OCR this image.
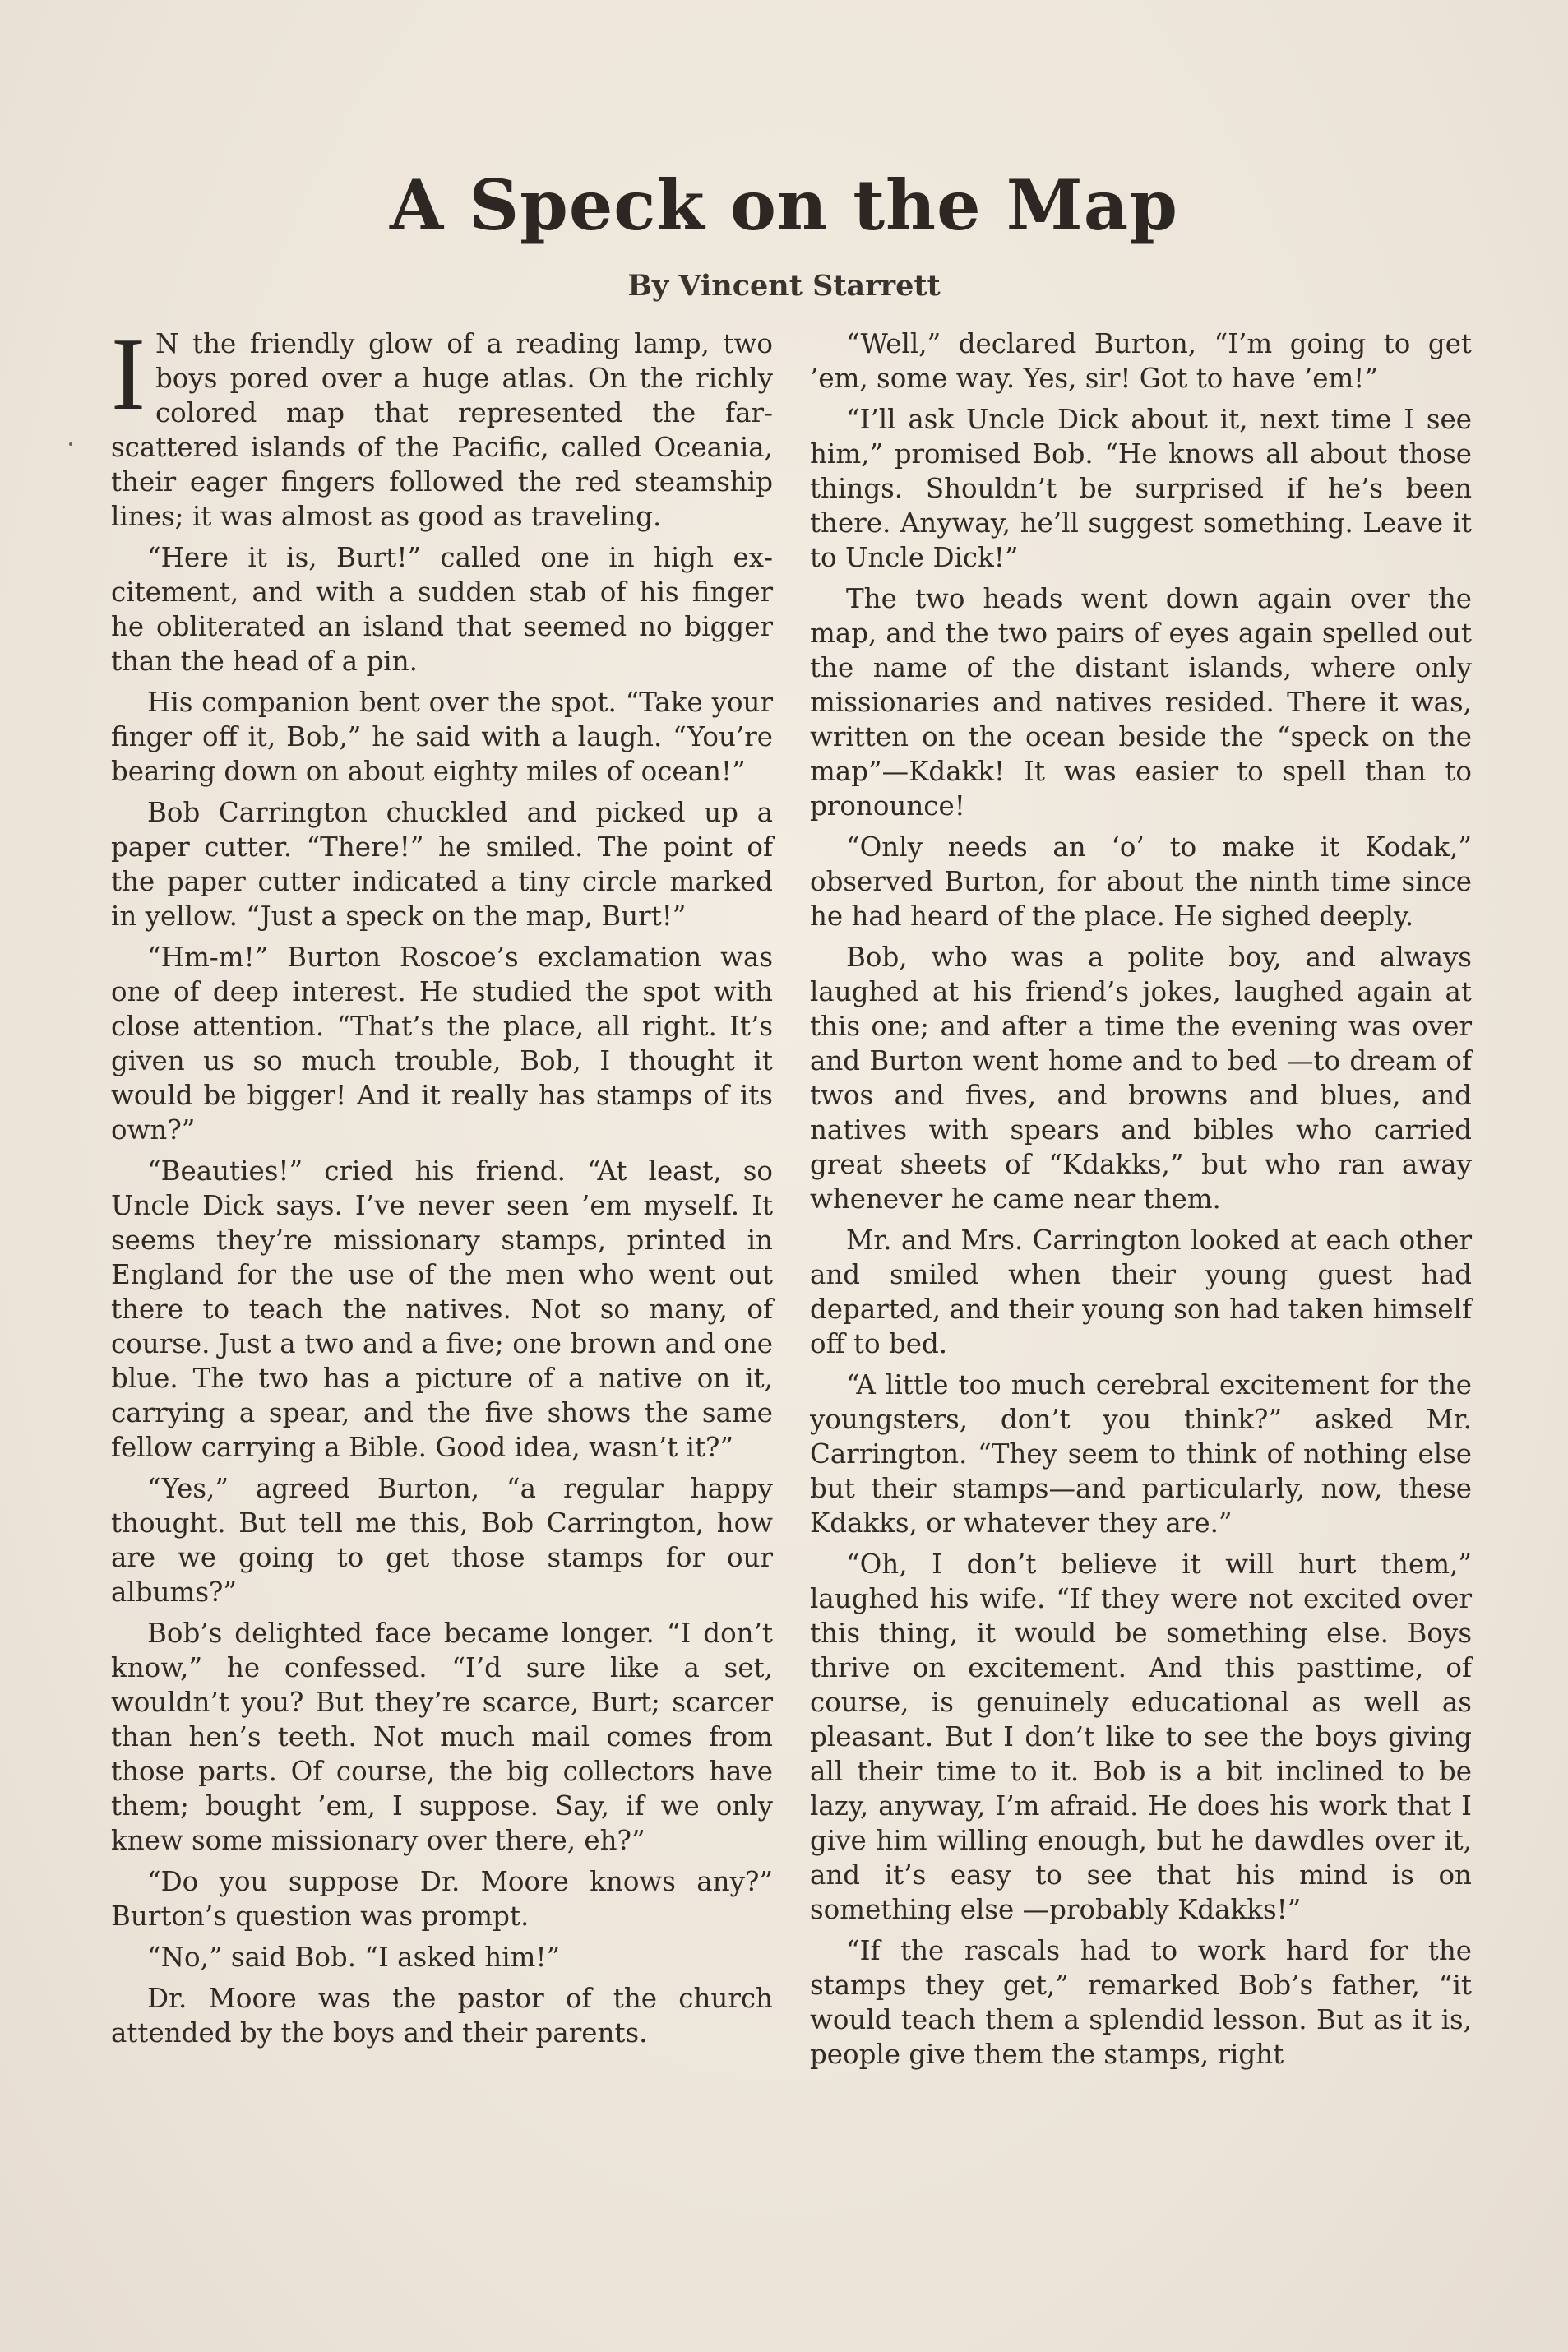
A Speck on the Map
By Vincent Starrett

I N the friendly glow of a reading lamp, two boys pored over a huge atlas. On the richly colored map that represented the far-scattered islands of the Pacific, called Oceania, their eager fingers followed the red steamship lines; it was almost as good as traveling.

“Here it is, Burt!” called one in high excitement, and with a sudden stab of his finger he obliterated an island that seemed no bigger than the head of a pin.

His companion bent over the spot. “Take your finger off it, Bob,” he said with a laugh. “You’re bearing down on about eighty miles of ocean!”

Bob Carrington chuckled and picked up a paper cutter. “There!” he smiled. The point of the paper cutter indicated a tiny circle marked in yellow. “Just a speck on the map, Burt!”

“Hm-m!” Burton Roscoe’s exclamation was one of deep interest. He studied the spot with close attention. “That’s the place, all right. It’s given us so much trouble, Bob, I thought it would be bigger! And it really has stamps of its own?”

“Beauties!” cried his friend. “At least, so Uncle Dick says. I’ve never seen ’em myself. It seems they’re missionary stamps, printed in England for the use of the men who went out there to teach the natives. Not so many, of course. Just a two and a five; one brown and one blue. The two has a picture of a native on it, carrying a spear, and the five shows the same fellow carrying a Bible. Good idea, wasn’t it?”

“Yes,” agreed Burton, “a regular happy thought. But tell me this, Bob Carrington, how are we going to get those stamps for our albums?”

Bob’s delighted face became longer. “I don’t know,” he confessed. “I’d sure like a set, wouldn’t you? But they’re scarce, Burt; scarcer than hen’s teeth. Not much mail comes from those parts. Of course, the big collectors have them; bought ’em, I suppose. Say, if we only knew some missionary over there, eh?”

“Do you suppose Dr. Moore knows any?” Burton’s question was prompt.

“No,” said Bob. “I asked him!”

Dr. Moore was the pastor of the church attended by the boys and their parents.

“Well,” declared Burton, “I’m going to get ’em, some way. Yes, sir! Got to have ’em!”

“I’ll ask Uncle Dick about it, next time I see him,” promised Bob. “He knows all about those things. Shouldn’t be surprised if he’s been there. Anyway, he’ll suggest something. Leave it to Uncle Dick!”

The two heads went down again over the map, and the two pairs of eyes again spelled out the name of the distant islands, where only missionaries and natives resided. There it was, written on the ocean beside the “speck on the map”—Kdakk! It was easier to spell than to pronounce!

“Only needs an ‘o’ to make it Kodak,” observed Burton, for about the ninth time since he had heard of the place. He sighed deeply.

Bob, who was a polite boy, and always laughed at his friend’s jokes, laughed again at this one; and after a time the evening was over and Burton went home and to bed —to dream of twos and fives, and browns and blues, and natives with spears and bibles who carried great sheets of “Kdakks,” but who ran away whenever he came near them.

Mr. and Mrs. Carrington looked at each other and smiled when their young guest had departed, and their young son had taken himself off to bed.

“A little too much cerebral excitement for the youngsters, don’t you think?” asked Mr. Carrington. “They seem to think of nothing else but their stamps—and particularly, now, these Kdakks, or whatever they are.”

“Oh, I don’t believe it will hurt them,” laughed his wife. “If they were not excited over this thing, it would be something else. Boys thrive on excitement. And this pasttime, of course, is genuinely educational as well as pleasant. But I don’t like to see the boys giving all their time to it. Bob is a bit inclined to be lazy, anyway, I’m afraid. He does his work that I give him willing enough, but he dawdles over it, and it’s easy to see that his mind is on something else —probably Kdakks!”

“If the rascals had to work hard for the stamps they get,” remarked Bob’s father, “it would teach them a splendid lesson. But as it is, people give them the stamps, right
